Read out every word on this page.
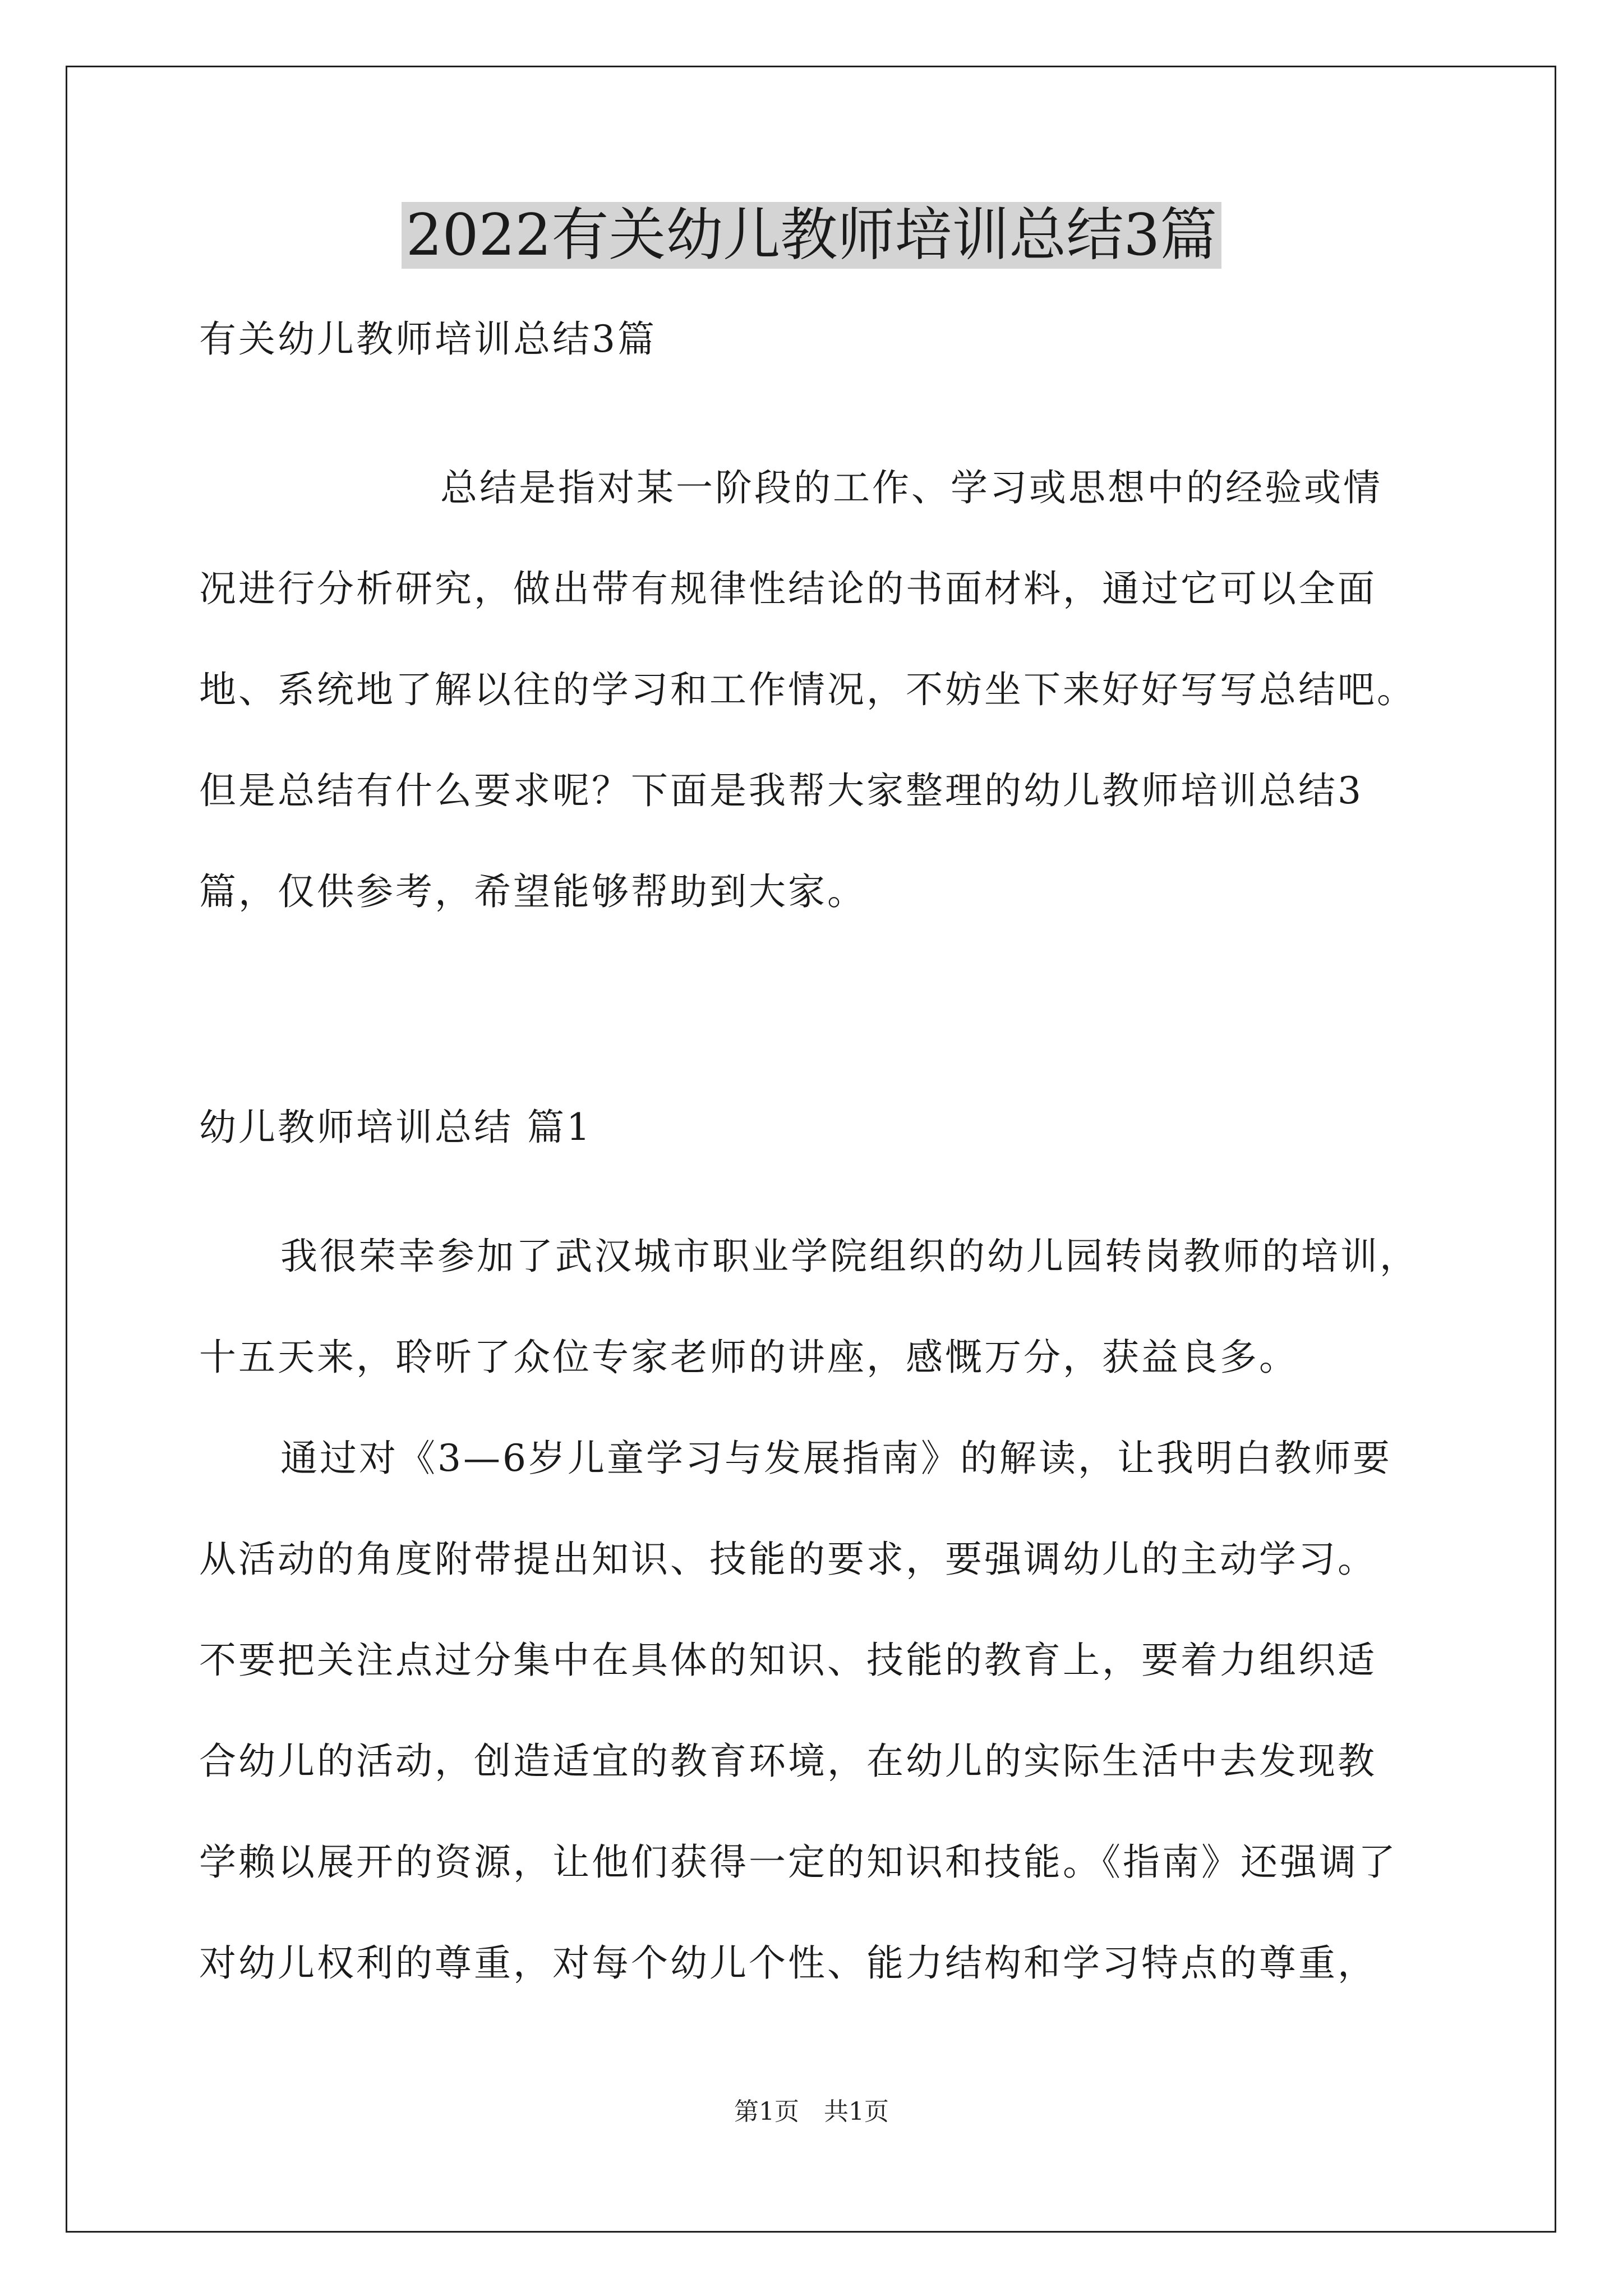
2022有关幼儿教师培训总结3篇
有关幼儿教师培训总结3篇
总结是指对某一阶段的工作、学习或思想中的经验或情
况进行分析研究，做出带有规律性结论的书面材料，通过它可以全面
地、系统地了解以往的学习和工作情况，不妨坐下来好好写写总结吧。
但是总结有什么要求呢？下面是我帮大家整理的幼儿教师培训总结3
篇，仅供参考，希望能够帮助到大家。
幼儿教师培训总结 篇1
我很荣幸参加了武汉城市职业学院组织的幼儿园转岗教师的培训，
十五天来，聆听了众位专家老师的讲座，感慨万分，获益良多。
通过对《3—6岁儿童学习与发展指南》的解读，让我明白教师要
从活动的角度附带提出知识、技能的要求，要强调幼儿的主动学习。
不要把关注点过分集中在具体的知识、技能的教育上，要着力组织适
合幼儿的活动，创造适宜的教育环境，在幼儿的实际生活中去发现教
学赖以展开的资源，让他们获得一定的知识和技能。《指南》还强调了
对幼儿权利的尊重，对每个幼儿个性、能力结构和学习特点的尊重，
第1页　共1页
